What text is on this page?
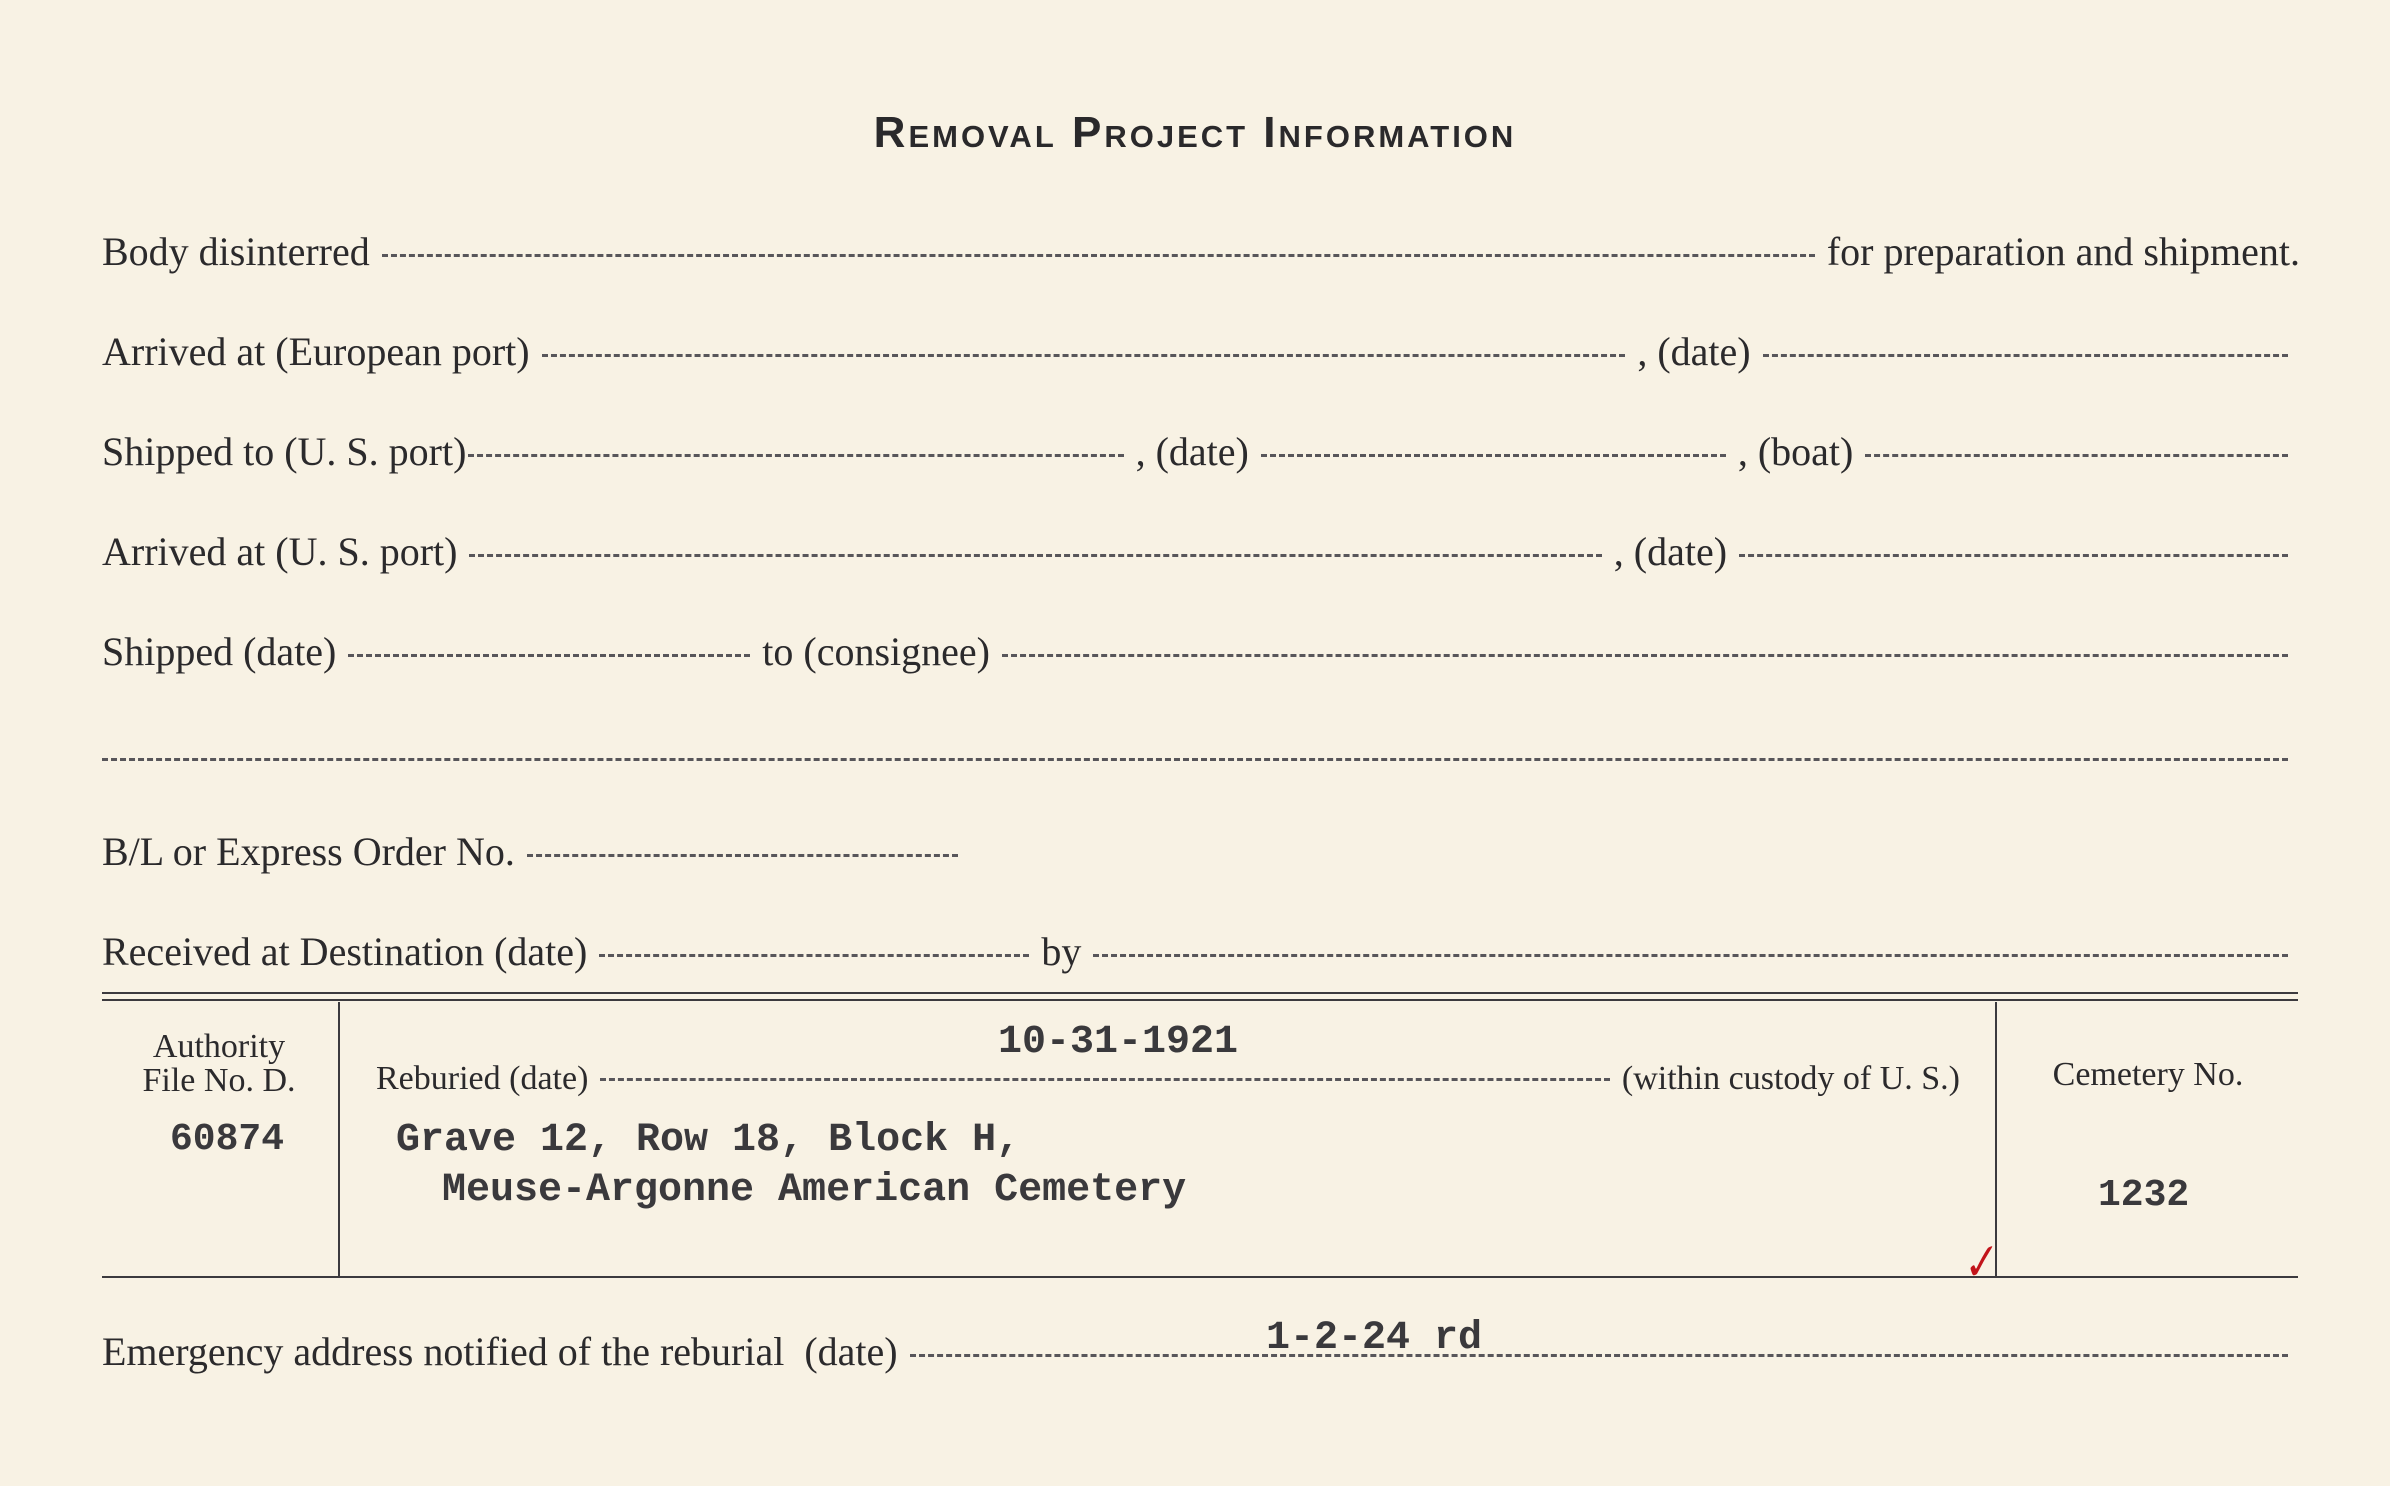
Removal Project Information
Body disinterred	for preparation and shipment.
Arrived at (European port)	, (date)
Shipped to (U. S. port)	, (date)	, (boat)
Arrived at (U. S. port)	, (date)
Shipped (date)	to (consignee)
B/L or Express Order No.
Received at Destination (date)	by
Authority
File No. D.
60874
10-31-1921
Reburied (date)	(within custody of U. S.)
Grave 12, Row 18, Block H,
Meuse-Argonne American Cemetery
Cemetery No.
1232
✓
Emergency address notified of the reburial  (date)	1-2-24 rd
